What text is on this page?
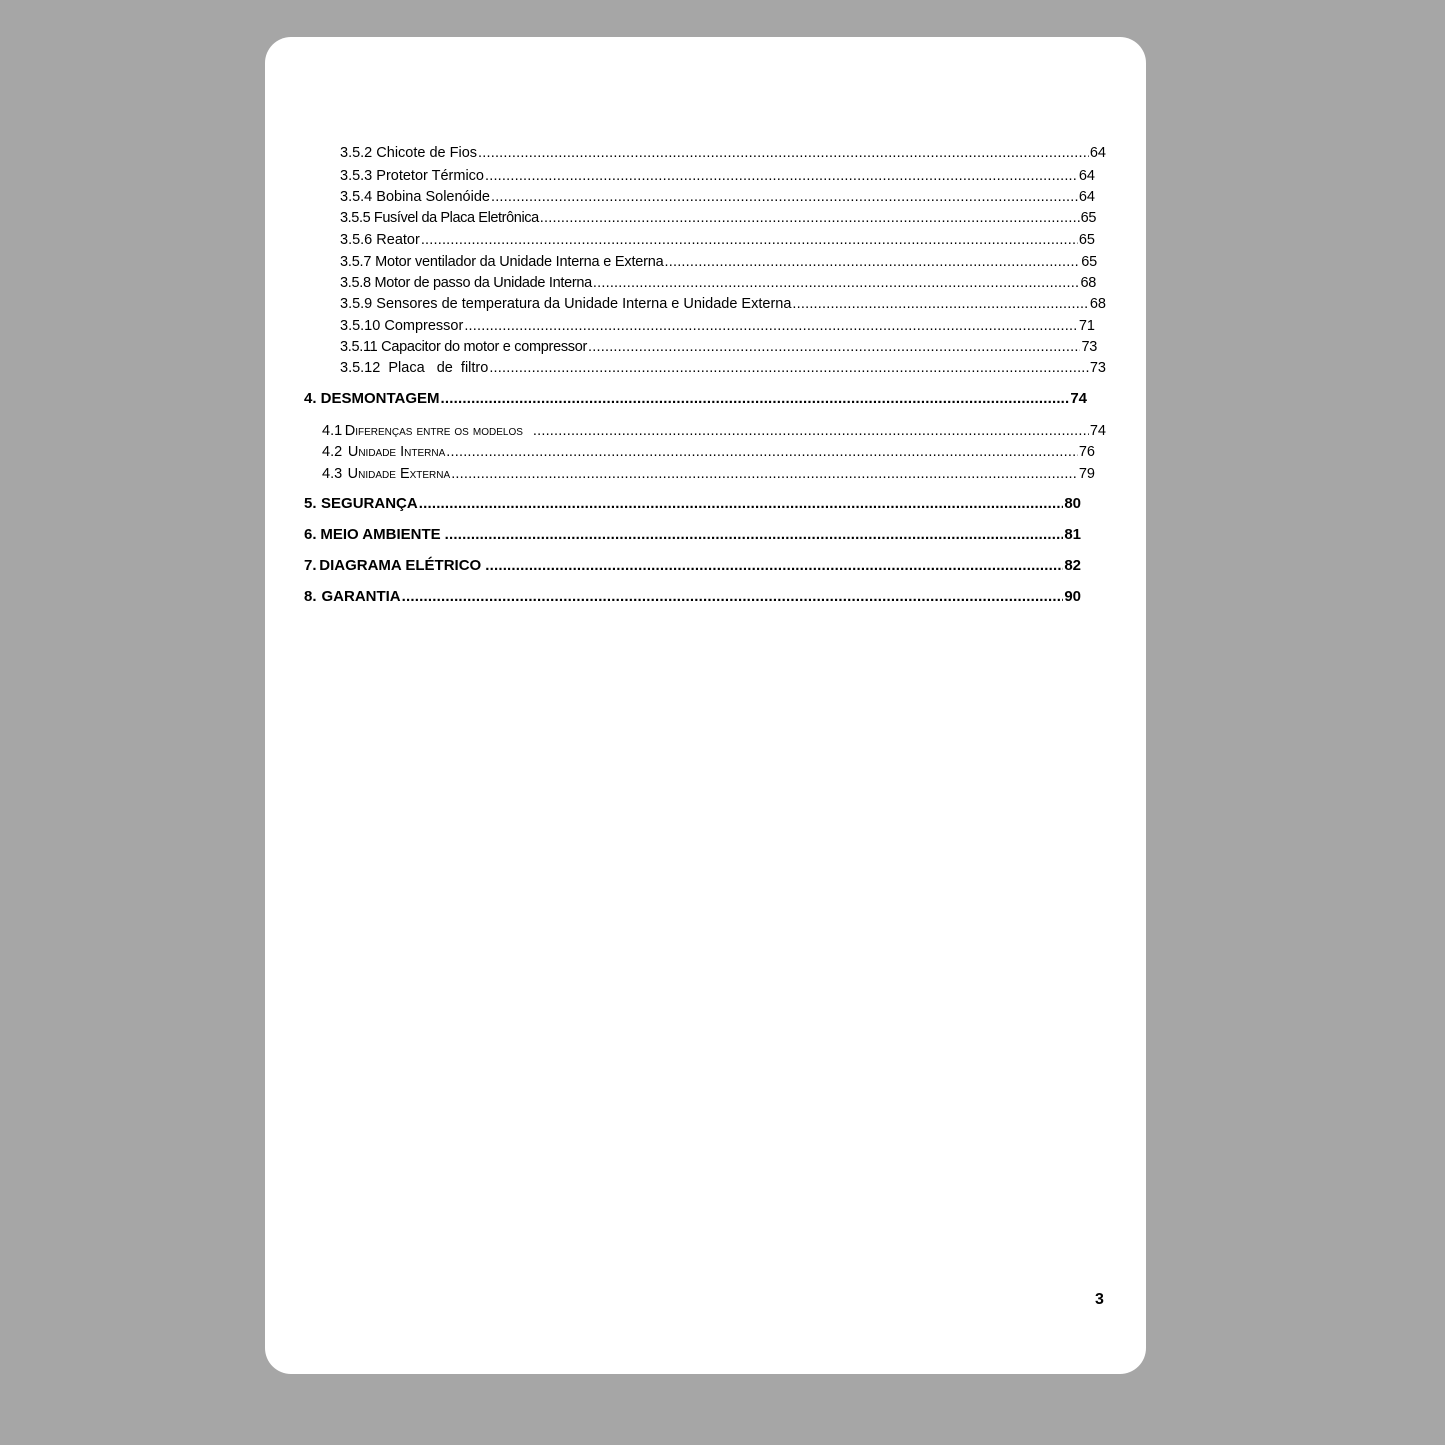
3.5.2 Chicote de Fios .....	64
3.5.3 Protetor Térmico .....	64
3.5.4 Bobina Solenóide .....	64
3.5.5 Fusível da Placa Eletrônica .....	65
3.5.6 Reator .....	65
3.5.7 Motor ventilador da Unidade Interna e Externa .....	65
3.5.8 Motor de passo da Unidade Interna .....	68
3.5.9 Sensores de temperatura da Unidade Interna e Unidade Externa .....	68
3.5.10 Compressor .....	71
3.5.11 Capacitor do motor e compressor .....	73
3.5.12  Placa   de  filtro .....	73
4. DESMONTAGEM .....	74
4.1 Diferenças entre os modelos .....	74
4.2 Unidade Interna .....	76
4.3 Unidade Externa .....	79
5. SEGURANÇA .....	80
6. MEIO AMBIENTE .....	81
7. DIAGRAMA ELÉTRICO .....	82
8. GARANTIA .....	90
3
